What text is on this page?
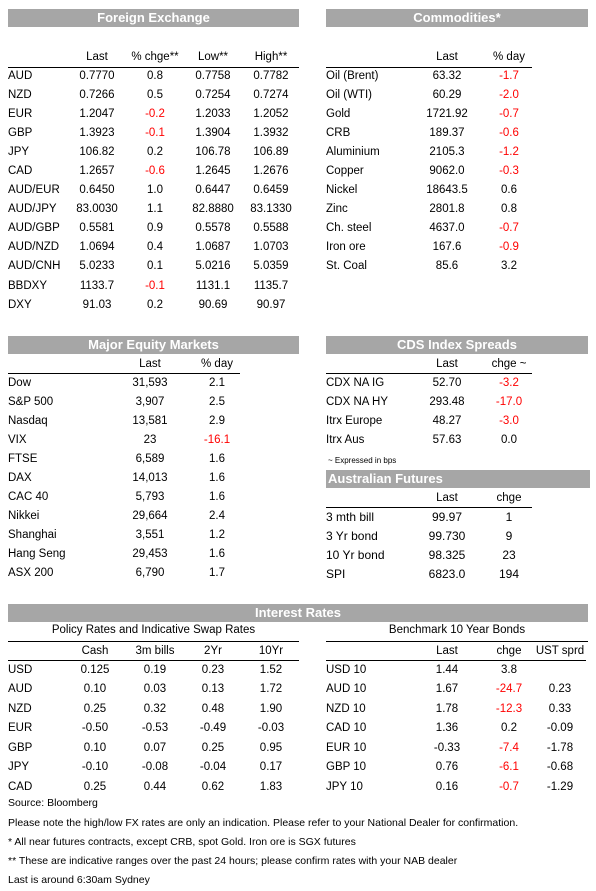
Foreign Exchange
	Last	% chge**	Low**	High**
AUD	0.7770	0.8	0.7758	0.7782
NZD	0.7266	0.5	0.7254	0.7274
EUR	1.2047	-0.2	1.2033	1.2052
GBP	1.3923	-0.1	1.3904	1.3932
JPY	106.82	0.2	106.78	106.89
CAD	1.2657	-0.6	1.2645	1.2676
AUD/EUR	0.6450	1.0	0.6447	0.6459
AUD/JPY	83.0030	1.1	82.8880	83.1330
AUD/GBP	0.5581	0.9	0.5578	0.5588
AUD/NZD	1.0694	0.4	1.0687	1.0703
AUD/CNH	5.0233	0.1	5.0216	5.0359
BBDXY	1133.7	-0.1	1131.1	1135.7
DXY	91.03	0.2	90.69	90.97
Commodities*
	Last	% day
Oil (Brent)	63.32	-1.7
Oil (WTI)	60.29	-2.0
Gold	1721.92	-0.7
CRB	189.37	-0.6
Aluminium	2105.3	-1.2
Copper	9062.0	-0.3
Nickel	18643.5	0.6
Zinc	2801.8	0.8
Ch. steel	4637.0	-0.7
Iron ore	167.6	-0.9
St. Coal	85.6	3.2
Major Equity Markets
	Last	% day
Dow	31,593	2.1
S&P 500	3,907	2.5
Nasdaq	13,581	2.9
VIX	23	-16.1
FTSE	6,589	1.6
DAX	14,013	1.6
CAC 40	5,793	1.6
Nikkei	29,664	2.4
Shanghai	3,551	1.2
Hang Seng	29,453	1.6
ASX 200	6,790	1.7
CDS Index Spreads
	Last	chge ~
CDX NA IG	52.70	-3.2
CDX NA HY	293.48	-17.0
Itrx Europe	48.27	-3.0
Itrx Aus	57.63	0.0
~ Expressed in bps
Australian Futures
	Last	chge
3 mth bill	99.97	1
3 Yr bond	99.730	9
10 Yr bond	98.325	23
SPI	6823.0	194
Interest Rates
Policy Rates and Indicative Swap Rates	Benchmark 10 Year Bonds
	Cash	3m bills	2Yr	10Yr
USD	0.125	0.19	0.23	1.52
AUD	0.10	0.03	0.13	1.72
NZD	0.25	0.32	0.48	1.90
EUR	-0.50	-0.53	-0.49	-0.03
GBP	0.10	0.07	0.25	0.95
JPY	-0.10	-0.08	-0.04	0.17
CAD	0.25	0.44	0.62	1.83
	Last	chge	UST sprd
USD 10	1.44	3.8	
AUD 10	1.67	-24.7	0.23
NZD 10	1.78	-12.3	0.33
CAD 10	1.36	0.2	-0.09
EUR 10	-0.33	-7.4	-1.78
GBP 10	0.76	-6.1	-0.68
JPY 10	0.16	-0.7	-1.29
Source: Bloomberg
Please note the high/low FX rates are only an indication. Please refer to your National Dealer for confirmation.
* All near futures contracts, except CRB, spot Gold. Iron ore is SGX futures
** These are indicative ranges over the past 24 hours; please confirm rates with your NAB dealer
Last is around 6:30am Sydney
